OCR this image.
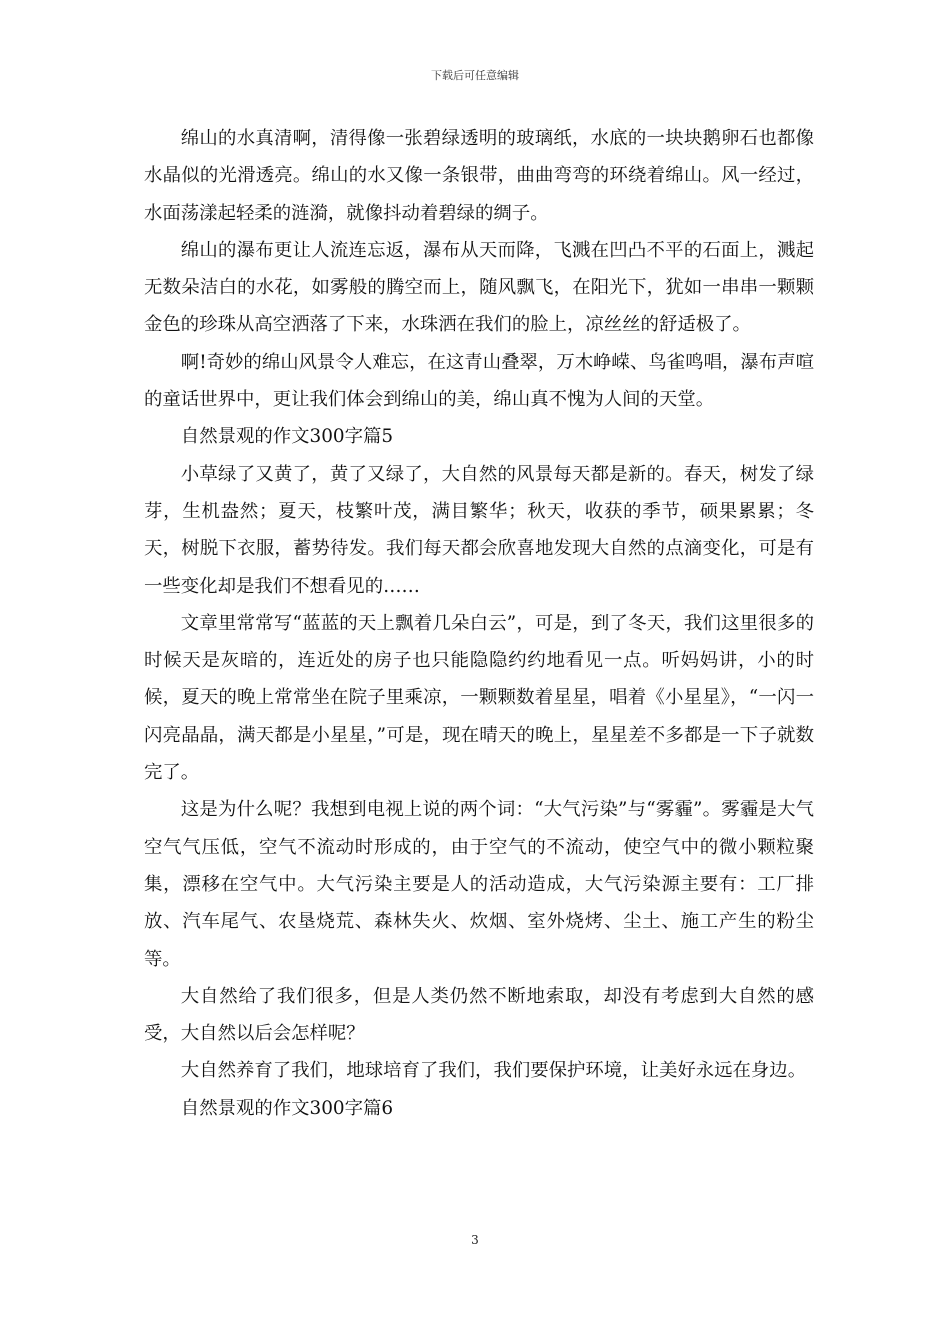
下载后可任意编辑

绵山的水真清啊，清得像一张碧绿透明的玻璃纸，水底的一块块鹅卵石也都像水晶似的光滑透亮。绵山的水又像一条银带，曲曲弯弯的环绕着绵山。风一经过，水面荡漾起轻柔的涟漪，就像抖动着碧绿的绸子。

绵山的瀑布更让人流连忘返，瀑布从天而降，飞溅在凹凸不平的石面上，溅起无数朵洁白的水花，如雾般的腾空而上，随风飘飞，在阳光下，犹如一串串一颗颗金色的珍珠从高空洒落了下来，水珠洒在我们的脸上，凉丝丝的舒适极了。

啊!奇妙的绵山风景令人难忘，在这青山叠翠，万木峥嵘、鸟雀鸣唱，瀑布声喧的童话世界中，更让我们体会到绵山的美，绵山真不愧为人间的天堂。

自然景观的作文300字篇5

小草绿了又黄了，黄了又绿了，大自然的风景每天都是新的。春天，树发了绿芽，生机盎然；夏天，枝繁叶茂，满目繁华；秋天，收获的季节，硕果累累；冬天，树脱下衣服，蓄势待发。我们每天都会欣喜地发现大自然的点滴变化，可是有一些变化却是我们不想看见的……

文章里常常写“蓝蓝的天上飘着几朵白云”，可是，到了冬天，我们这里很多的时候天是灰暗的，连近处的房子也只能隐隐约约地看见一点。听妈妈讲，小的时候，夏天的晚上常常坐在院子里乘凉，一颗颗数着星星，唱着《小星星》，“一闪一闪亮晶晶，满天都是小星星，”可是，现在晴天的晚上，星星差不多都是一下子就数完了。

这是为什么呢？我想到电视上说的两个词：“大气污染”与“雾霾”。雾霾是大气空气气压低，空气不流动时形成的，由于空气的不流动，使空气中的微小颗粒聚集，漂移在空气中。大气污染主要是人的活动造成，大气污染源主要有：工厂排放、汽车尾气、农垦烧荒、森林失火、炊烟、室外烧烤、尘土、施工产生的粉尘等。

大自然给了我们很多，但是人类仍然不断地索取，却没有考虑到大自然的感受，大自然以后会怎样呢？

大自然养育了我们，地球培育了我们，我们要保护环境，让美好永远在身边。

自然景观的作文300字篇6

3
